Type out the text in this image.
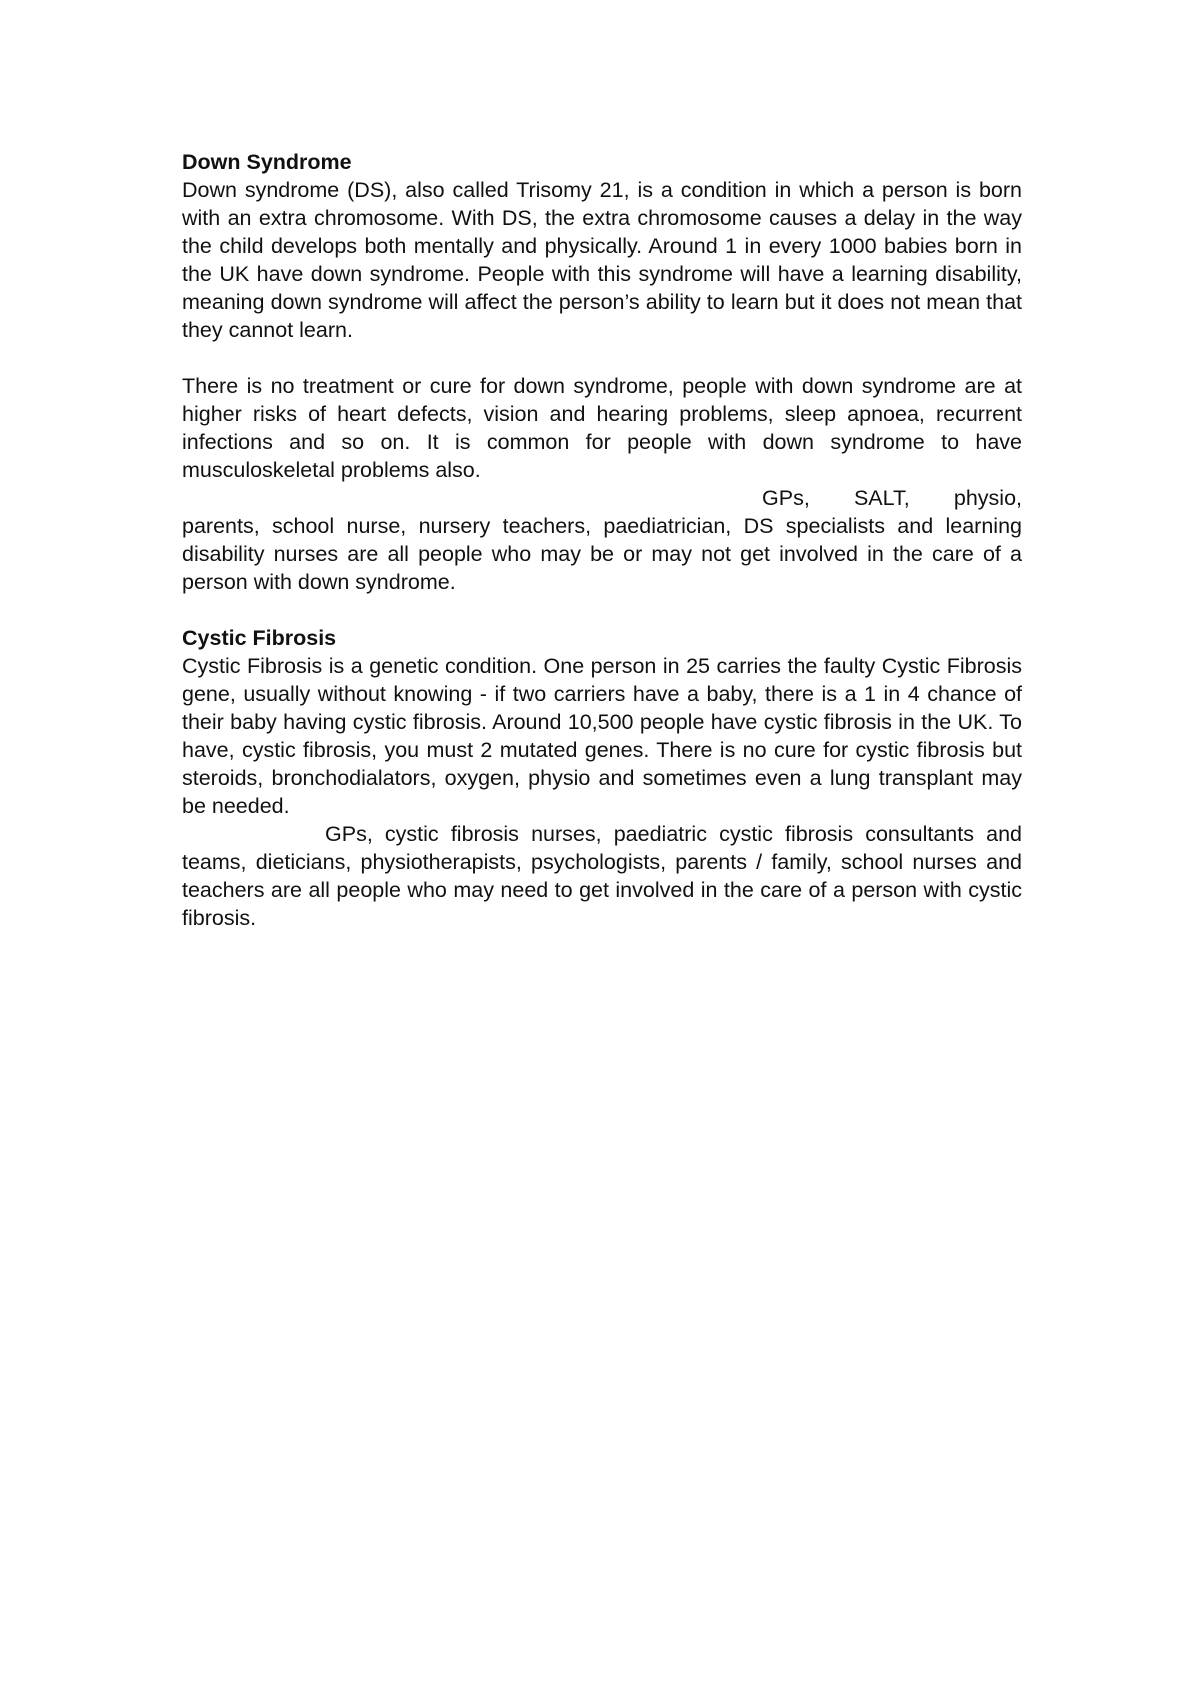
Down Syndrome

Down syndrome (DS), also called Trisomy 21, is a condition in which a person is born with an extra chromosome. With DS, the extra chromosome causes a delay in the way the child develops both mentally and physically. Around 1 in every 1000 babies born in the UK have down syndrome. People with this syndrome will have a learning disability, meaning down syndrome will affect the person’s ability to learn but it does not mean that they cannot learn.

There is no treatment or cure for down syndrome, people with down syndrome are at higher risks of heart defects, vision and hearing problems, sleep apnoea, recurrent infections and so on. It is common for people with down syndrome to have musculoskeletal problems also.

GPs, SALT, physio, parents, school nurse, nursery teachers, paediatrician, DS specialists and learning disability nurses are all people who may be or may not get involved in the care of a person with down syndrome.

Cystic Fibrosis

Cystic Fibrosis is a genetic condition. One person in 25 carries the faulty Cystic Fibrosis gene, usually without knowing - if two carriers have a baby, there is a 1 in 4 chance of their baby having cystic fibrosis. Around 10,500 people have cystic fibrosis in the UK. To have, cystic fibrosis, you must 2 mutated genes. There is no cure for cystic fibrosis but steroids, bronchodialators, oxygen, physio and sometimes even a lung transplant may be needed.

GPs, cystic fibrosis nurses, paediatric cystic fibrosis consultants and teams, dieticians, physiotherapists, psychologists, parents / family, school nurses and teachers are all people who may need to get involved in the care of a person with cystic fibrosis.
